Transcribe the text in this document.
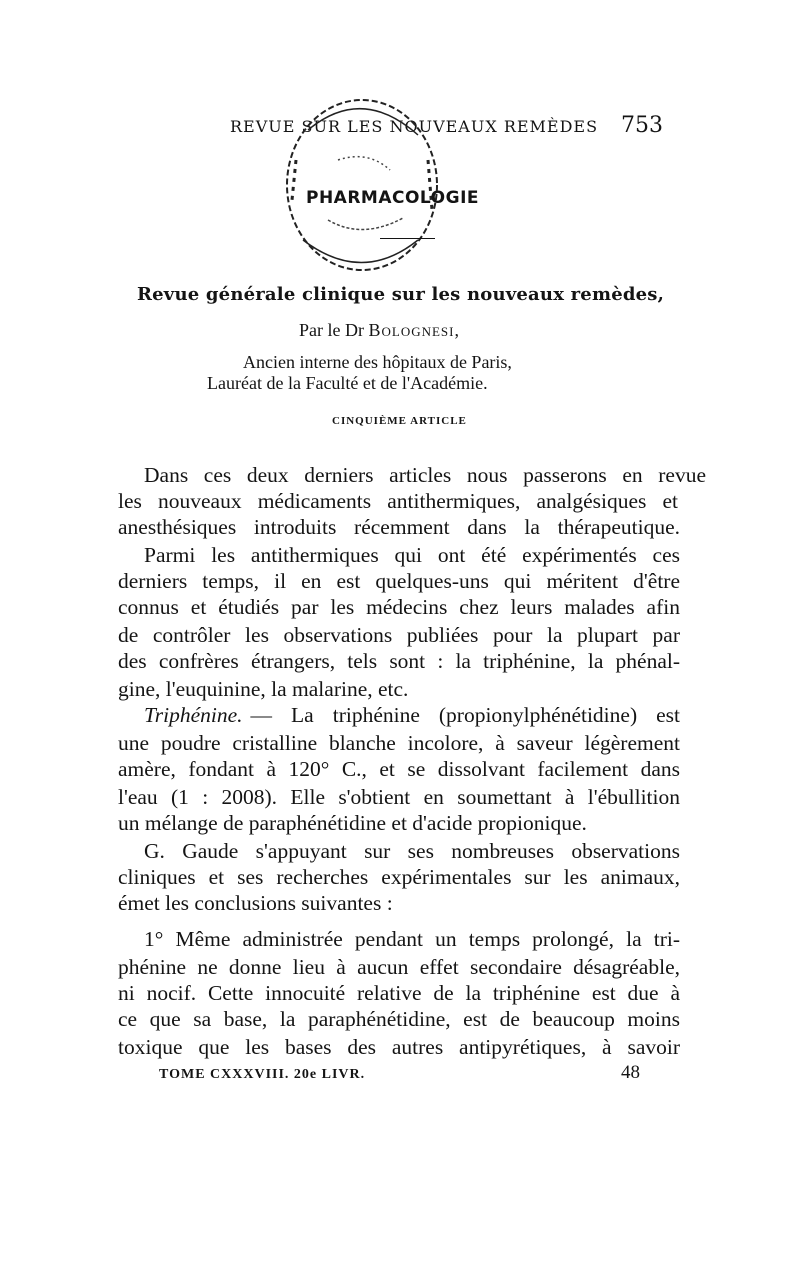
REVUE SUR LES NOUVEAUX REMÈDES 753
PHARMACOLOGIE
Revue générale clinique sur les nouveaux remèdes,
Par le Dr Bolognesi,
Ancien interne des hôpitaux de Paris,
Lauréat de la Faculté et de l'Académie.
CINQUIÈME ARTICLE
Dans ces deux derniers articles nous passerons en revue
les nouveaux médicaments antithermiques, analgésiques et
anesthésiques introduits récemment dans la thérapeutique.
Parmi les antithermiques qui ont été expérimentés ces
derniers temps, il en est quelques-uns qui méritent d'être
connus et étudiés par les médecins chez leurs malades afin
de contrôler les observations publiées pour la plupart par
des confrères étrangers, tels sont : la triphénine, la phénal-
gine, l'euquinine, la malarine, etc.
Triphénine. — La triphénine (propionylphénétidine) est
une poudre cristalline blanche incolore, à saveur légèrement
amère, fondant à 120° C., et se dissolvant facilement dans
l'eau (1 : 2008). Elle s'obtient en soumettant à l'ébullition
un mélange de paraphénétidine et d'acide propionique.
G. Gaude s'appuyant sur ses nombreuses observations
cliniques et ses recherches expérimentales sur les animaux,
émet les conclusions suivantes :
1° Même administrée pendant un temps prolongé, la tri-
phénine ne donne lieu à aucun effet secondaire désagréable,
ni nocif. Cette innocuité relative de la triphénine est due à
ce que sa base, la paraphénétidine, est de beaucoup moins
toxique que les bases des autres antipyrétiques, à savoir
TOME CXXXVIII. 20e LIVR.	48
